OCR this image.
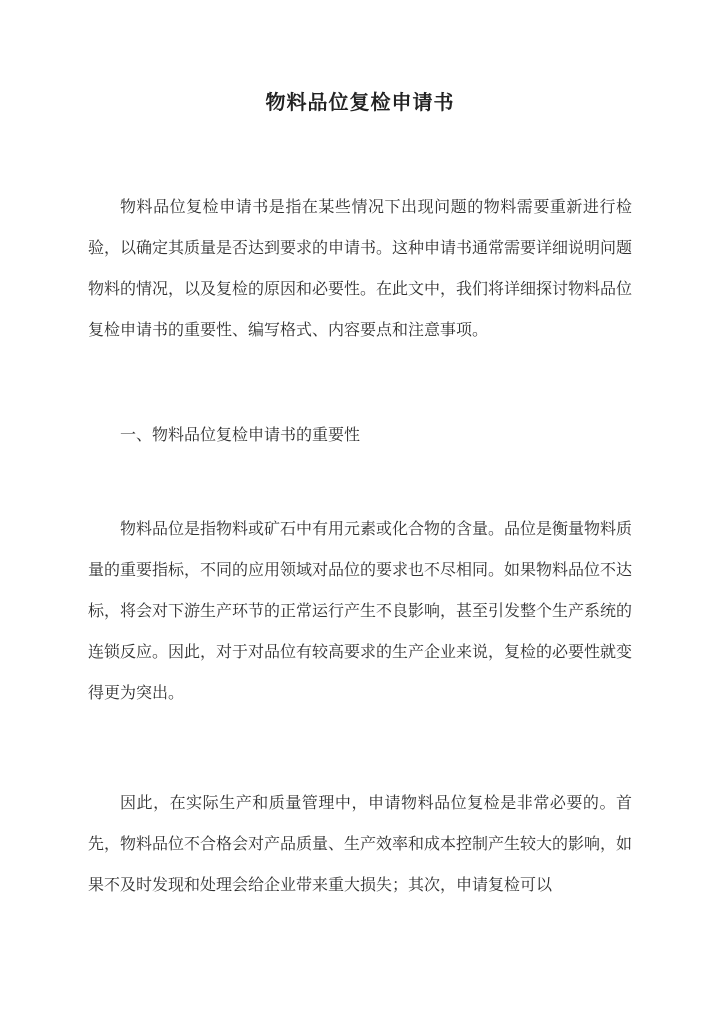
物料品位复检申请书

物料品位复检申请书是指在某些情况下出现问题的物料需要重新进行检验，以确定其质量是否达到要求的申请书。这种申请书通常需要详细说明问题物料的情况，以及复检的原因和必要性。在此文中，我们将详细探讨物料品位复检申请书的重要性、编写格式、内容要点和注意事项。

一、物料品位复检申请书的重要性

物料品位是指物料或矿石中有用元素或化合物的含量。品位是衡量物料质量的重要指标，不同的应用领域对品位的要求也不尽相同。如果物料品位不达标，将会对下游生产环节的正常运行产生不良影响，甚至引发整个生产系统的连锁反应。因此，对于对品位有较高要求的生产企业来说，复检的必要性就变得更为突出。

因此，在实际生产和质量管理中，申请物料品位复检是非常必要的。首先，物料品位不合格会对产品质量、生产效率和成本控制产生较大的影响，如果不及时发现和处理会给企业带来重大损失；其次，申请复检可以
